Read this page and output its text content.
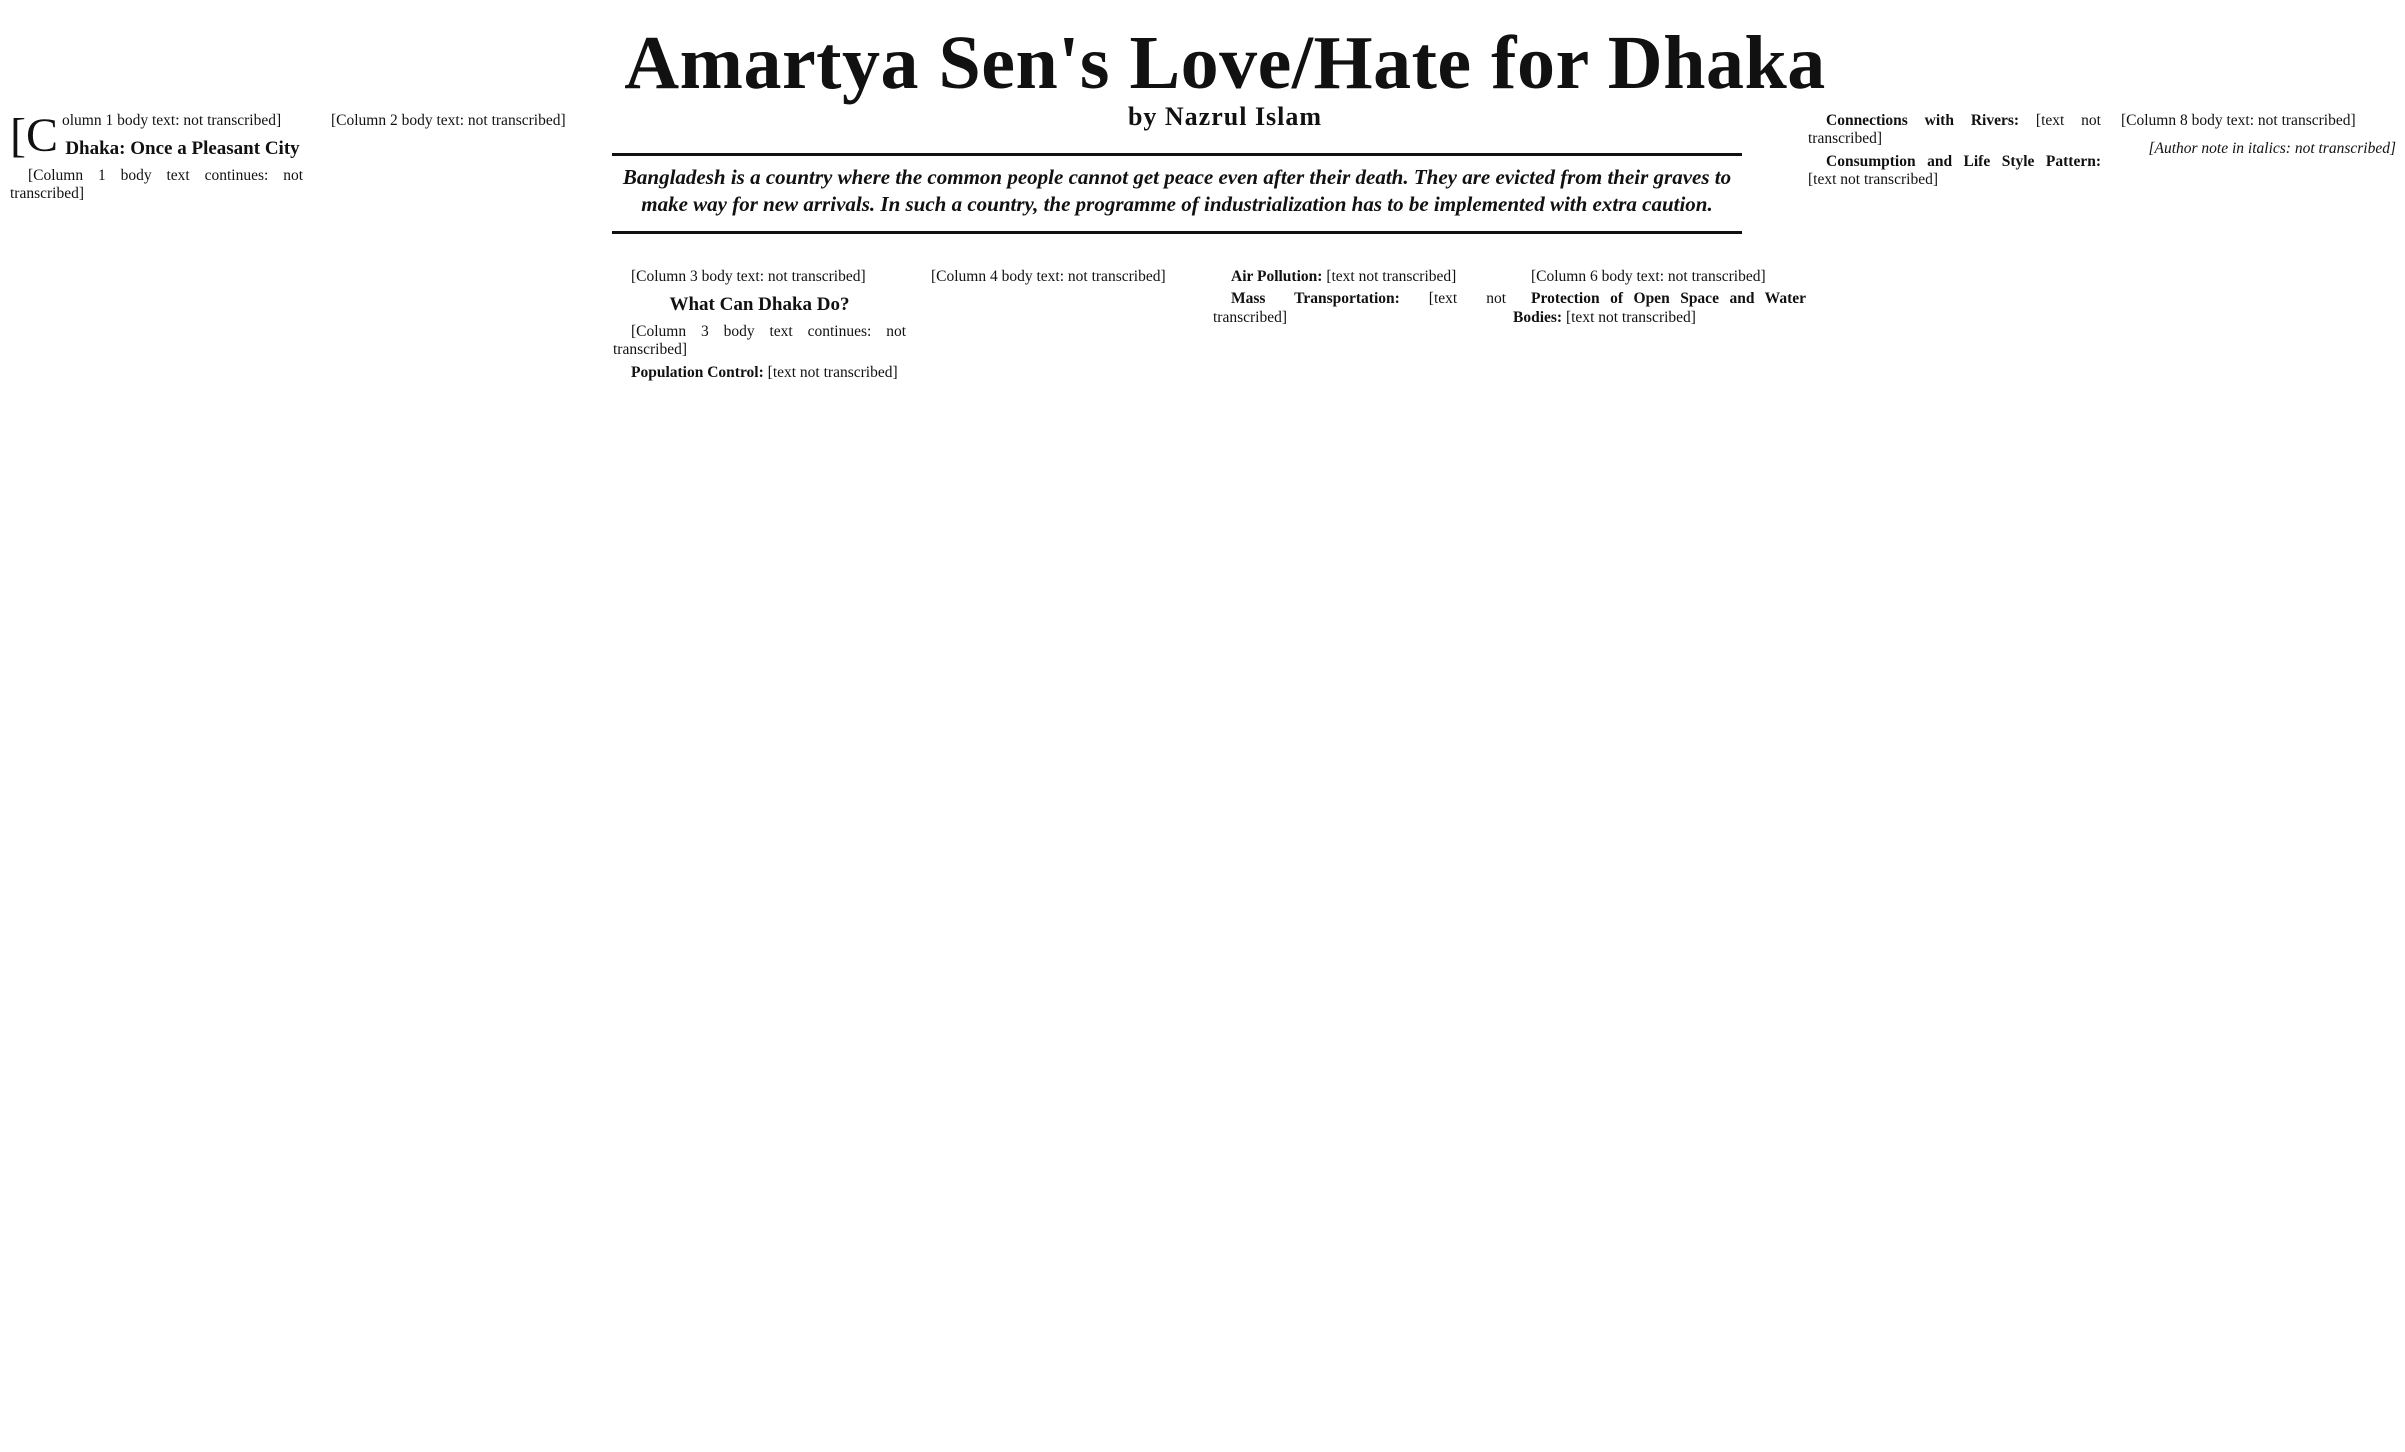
Amartya Sen's Love/Hate for Dhaka
by Nazrul Islam

Bangladesh is a country where the common people cannot get peace even after their death. They are evicted from their graves to make way for new arrivals. In such a country, the programme of industrialization has to be implemented with extra caution.

[Column 1 body text: not transcribed]

Dhaka: Once a Pleasant City

[Column 1 body text continues: not transcribed]

[Column 2 body text: not transcribed]

[Column 3 body text: not transcribed]

What Can Dhaka Do?

[Column 3 body text continues: not transcribed]

Population Control: [text not transcribed]

[Column 4 body text: not transcribed]	Air Pollution: [text not transcribed]

Mass Transportation: [text not transcribed]

[Column 6 body text: not transcribed]

Protection of Open Space and Water Bodies: [text not transcribed]

Connections with Rivers: [text not transcribed]

Consumption and Life Style Pattern: [text not transcribed]

[Column 8 body text: not transcribed]

[Author note in italics: not transcribed]
